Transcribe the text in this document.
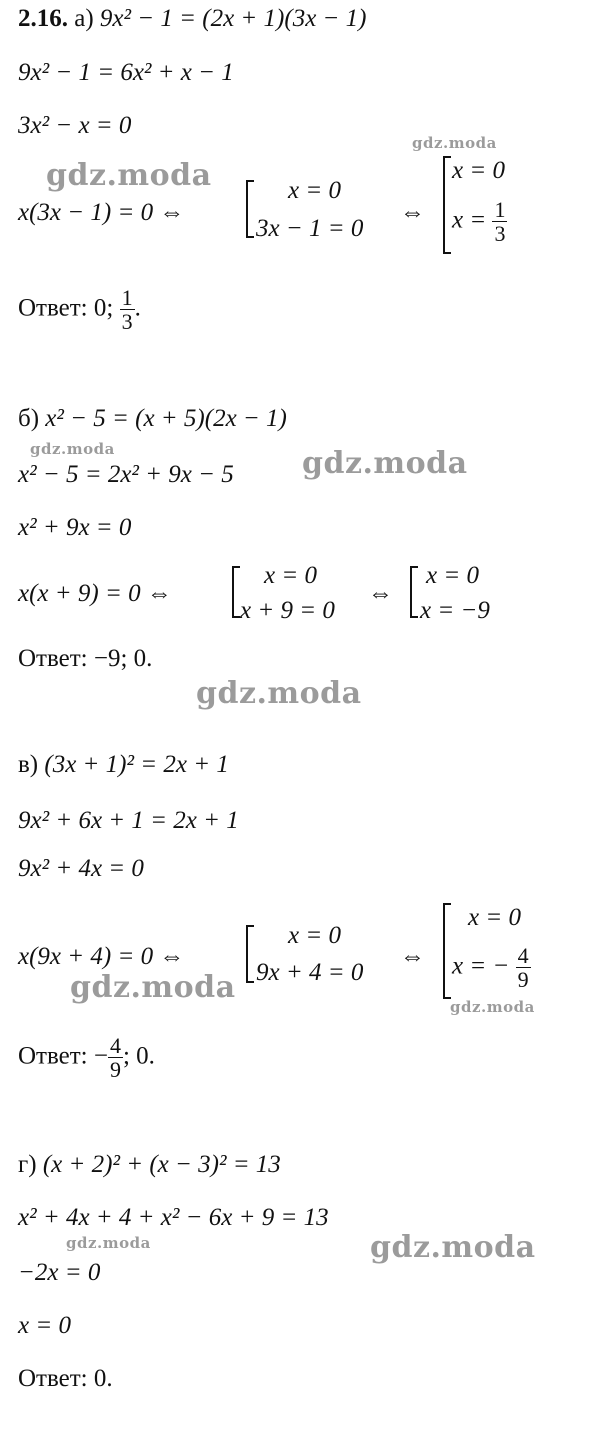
2.16. а) 9x² − 1 = (2x + 1)(3x − 1)
9x² − 1 = 6x² + x − 1
3x² − x = 0
x(3x − 1) = 0 ⇔
x = 0
3x − 1 = 0
⇔
x = 0
$x = \frac{1}{3}$
Ответ: 0; $\frac{1}{3}$ .
б) x² − 5 = (x + 5)(2x − 1)
x² − 5 = 2x² + 9x − 5
x² + 9x = 0
x(x + 9) = 0 ⇔
x = 0
x + 9 = 0
⇔
x = 0
x = −9
Ответ: −9; 0.
в) (3x + 1)² = 2x + 1
9x² + 6x + 1 = 2x + 1
9x² + 4x = 0
x(9x + 4) = 0 ⇔
x = 0
9x + 4 = 0
⇔
x = 0
x = − $\frac{4}{9}$
Ответ: − $\frac{4}{9}$ ; 0.
г) (x + 2)² + (x − 3)² = 13
x² + 4x + 4 + x² − 6x + 9 = 13
−2x = 0
x = 0
Ответ: 0.
gdz.moda
gdz.moda
gdz.moda	gdz.moda
gdz.moda
gdz.moda
gdz.moda
gdz.moda	gdz.moda
